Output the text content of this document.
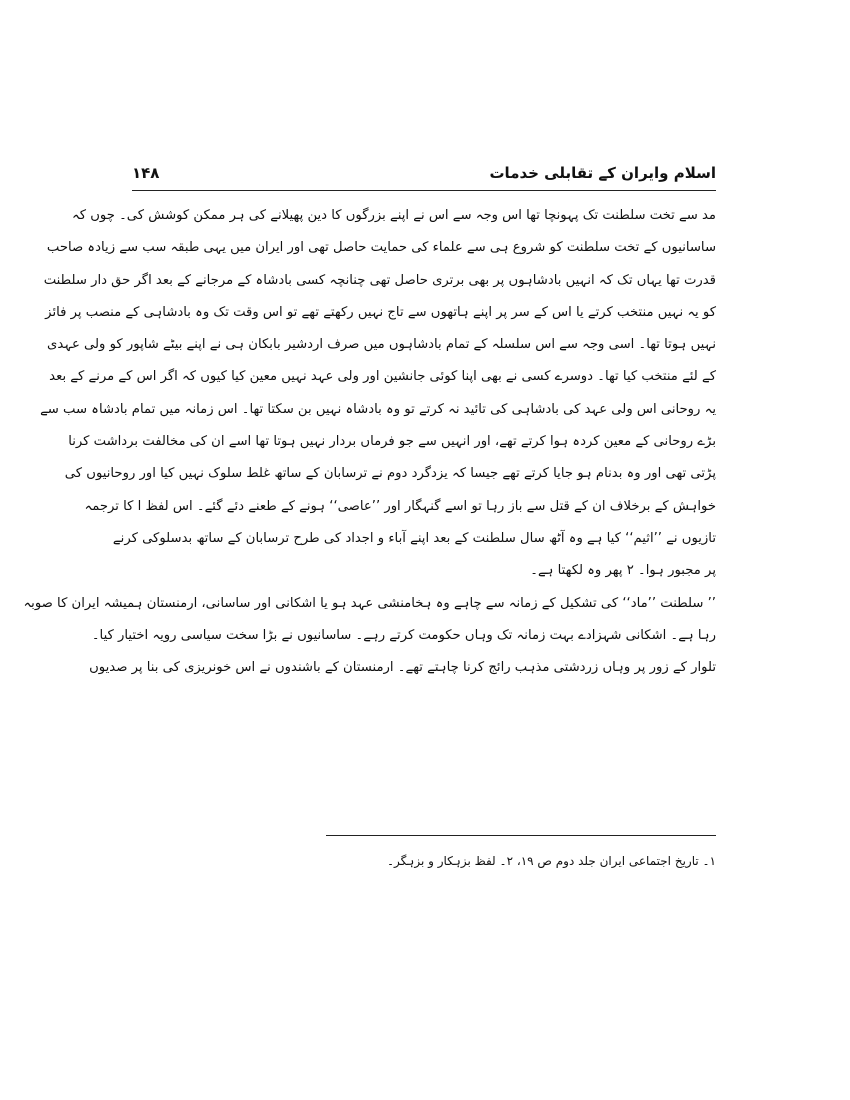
اسلام وایران کے تقابلی خدمات
۱۴۸
مد سے تخت سلطنت تک پہونچا تھا اس وجہ سے اس نے اپنے بزرگوں کا دین پھیلانے کی ہر ممکن کوشش کی۔ چوں کہ
ساسانیوں کے تخت سلطنت کو شروع ہی سے علماء کی حمایت حاصل تھی اور ایران میں یہی طبقہ سب سے زیادہ صاحب
قدرت تھا یہاں تک کہ انہیں بادشاہوں پر بھی برتری حاصل تھی چنانچہ کسی بادشاہ کے مرجانے کے بعد اگر حق دار سلطنت
کو یہ نہیں منتخب کرتے یا اس کے سر پر اپنے ہاتھوں سے تاج نہیں رکھتے تھے تو اس وقت تک وہ بادشاہی کے منصب پر فائز
نہیں ہوتا تھا۔ اسی وجہ سے اس سلسلہ کے تمام بادشاہوں میں صرف اردشیر بابکان ہی نے اپنے بیٹے شاپور کو ولی عہدی
کے لئے منتخب کیا تھا۔ دوسرے کسی نے بھی اپنا کوئی جانشین اور ولی عہد نہیں معین کیا کیوں کہ اگر اس کے مرنے کے بعد
یہ روحانی اس ولی عہد کی بادشاہی کی تائید نہ کرتے تو وہ بادشاہ نہیں بن سکتا تھا۔ اس زمانہ میں تمام بادشاہ سب سے
بڑے روحانی کے معین کردہ ہوا کرتے تھے، اور انہیں سے جو فرماں بردار نہیں ہوتا تھا اسے ان کی مخالفت برداشت کرنا
پڑتی تھی اور وہ بدنام ہو جایا کرتے تھے جیسا کہ یزدگرد دوم نے ترسابان کے ساتھ غلط سلوک نہیں کیا اور روحانیوں کی
خواہش کے برخلاف ان کے قتل سے باز رہا تو اسے گنہگار اور ’’عاصی‘‘ ہونے کے طعنے دئے گئے۔ اس لفظ ا کا ترجمہ
تازیوں نے ’’اثیم‘‘ کیا ہے وہ آٹھ سال سلطنت کے بعد اپنے آباء و اجداد کی طرح ترسابان کے ساتھ بدسلوکی کرنے
پر مجبور ہوا۔ ۲ پھر وہ لکھتا ہے۔
’’ سلطنت ’’ماد‘‘ کی تشکیل کے زمانہ سے چاہے وہ ہخامنشی عہد ہو یا اشکانی اور ساسانی، ارمنستان ہمیشہ ایران کا صوبہ
رہا ہے۔ اشکانی شہزادے بہت زمانہ تک وہاں حکومت کرتے رہے۔ ساسانیوں نے بڑا سخت سیاسی رویہ اختیار کیا۔
تلوار کے زور پر وہاں زردشتی مذہب رائج کرنا چاہتے تھے۔ ارمنستان کے باشندوں نے اس خونریزی کی بنا پر صدیوں
۱۔ تاریخ اجتماعی ایران جلد دوم ص ۱۹، ۲۔ لفظ بزہکار و بزہگر۔
